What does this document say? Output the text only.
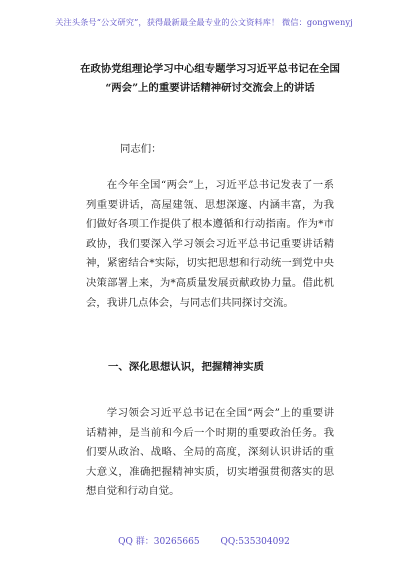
关注头条号“公文研究”，获得最新最全最专业的公文资料库！ 微信：gongwenyj
在政协党组理论学习中心组专题学习习近平总书记在全国
“两会”上的重要讲话精神研讨交流会上的讲话
同志们：

在今年全国“两会”上，习近平总书记发表了一系列重要讲话，高屋建瓴、思想深邃、内涵丰富，为我们做好各项工作提供了根本遵循和行动指南。作为*市政协，我们要深入学习领会习近平总书记重要讲话精神，紧密结合*实际，切实把思想和行动统一到党中央决策部署上来，为*高质量发展贡献政协力量。借此机会，我讲几点体会，与同志们共同探讨交流。

一、深化思想认识，把握精神实质

学习领会习近平总书记在全国“两会”上的重要讲话精神，是当前和今后一个时期的重要政治任务。我们要从政治、战略、全局的高度，深刻认识讲话的重大意义，准确把握精神实质，切实增强贯彻落实的思想自觉和行动自觉。

QQ 群：30265665 QQ:535304092
